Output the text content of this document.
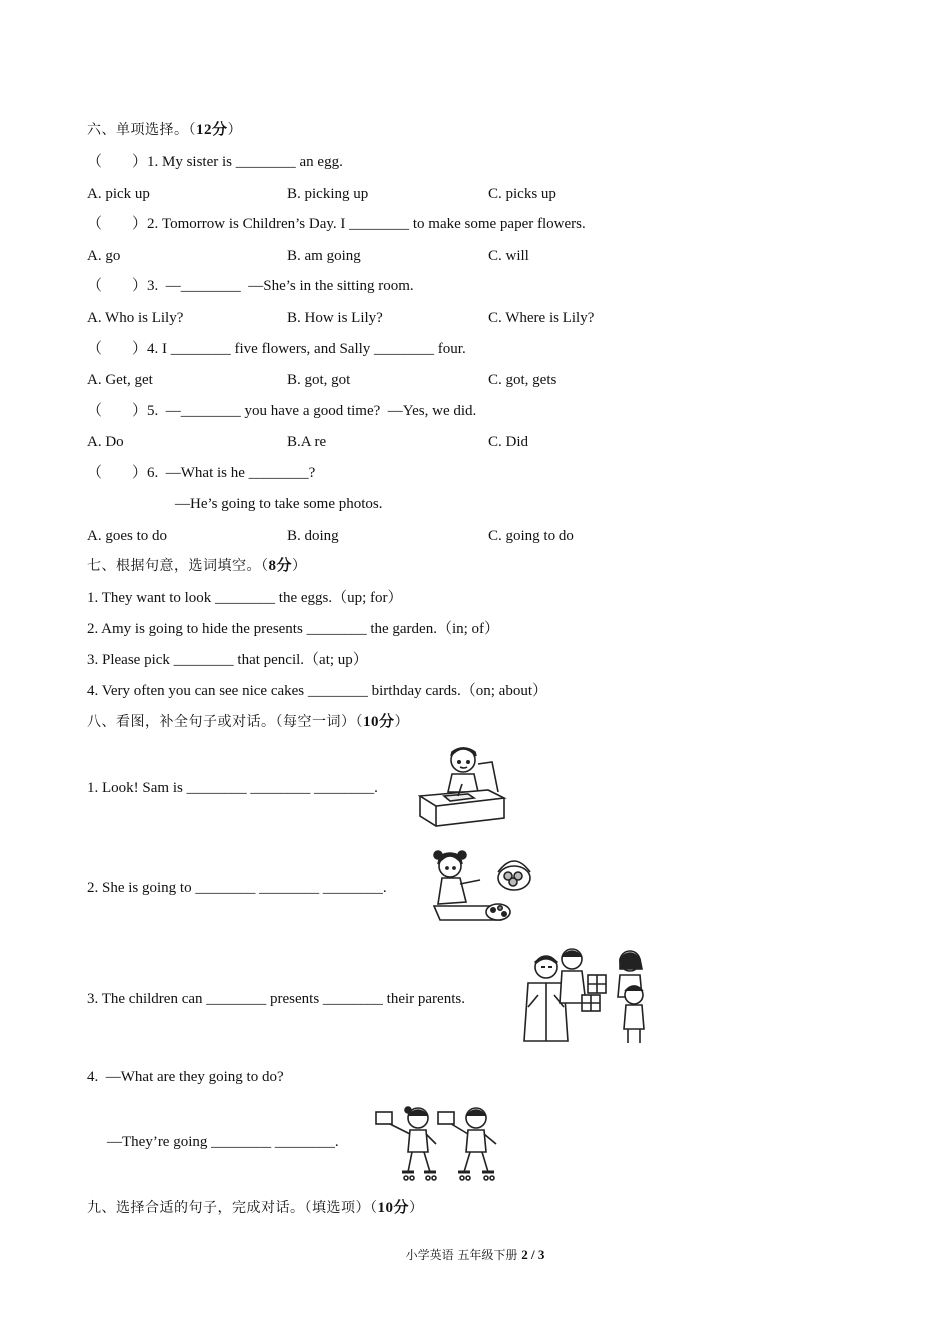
六、单项选择。（12分）
（        ）1. My sister is ________ an egg.
A. pick up	B. picking up	C. picks up
（        ）2. Tomorrow is Children’s Day. I ________ to make some paper flowers.
A. go	B. am going	C. will
（        ）3.  —________  —She’s in the sitting room.
A. Who is Lily?	B. How is Lily?	C. Where is Lily?
（        ）4. I ________ five flowers, and Sally ________ four.
A. Get, get	B. got, got	C. got, gets
（        ）5.  —________ you have a good time?  —Yes, we did.
A. Do	B.A re	C. Did
（        ）6.  —What is he ________?
—He’s going to take some photos.
A. goes to do	B. doing	C. going to do
七、根据句意，选词填空。（8分）
1. They want to look ________ the eggs.（up; for）
2. Amy is going to hide the presents ________ the garden.（in; of）
3. Please pick ________ that pencil.（at; up）
4. Very often you can see nice cakes ________ birthday cards.（on; about）
八、看图，补全句子或对话。（每空一词）（10分）
1. Look! Sam is ________ ________ ________.
2. She is going to ________ ________ ________.
3. The children can ________ presents ________ their parents.
4.  —What are they going to do?
—They’re going ________ ________.
九、选择合适的句子，完成对话。（填选项）（10分）
小学英语 五年级下册 2 / 3
